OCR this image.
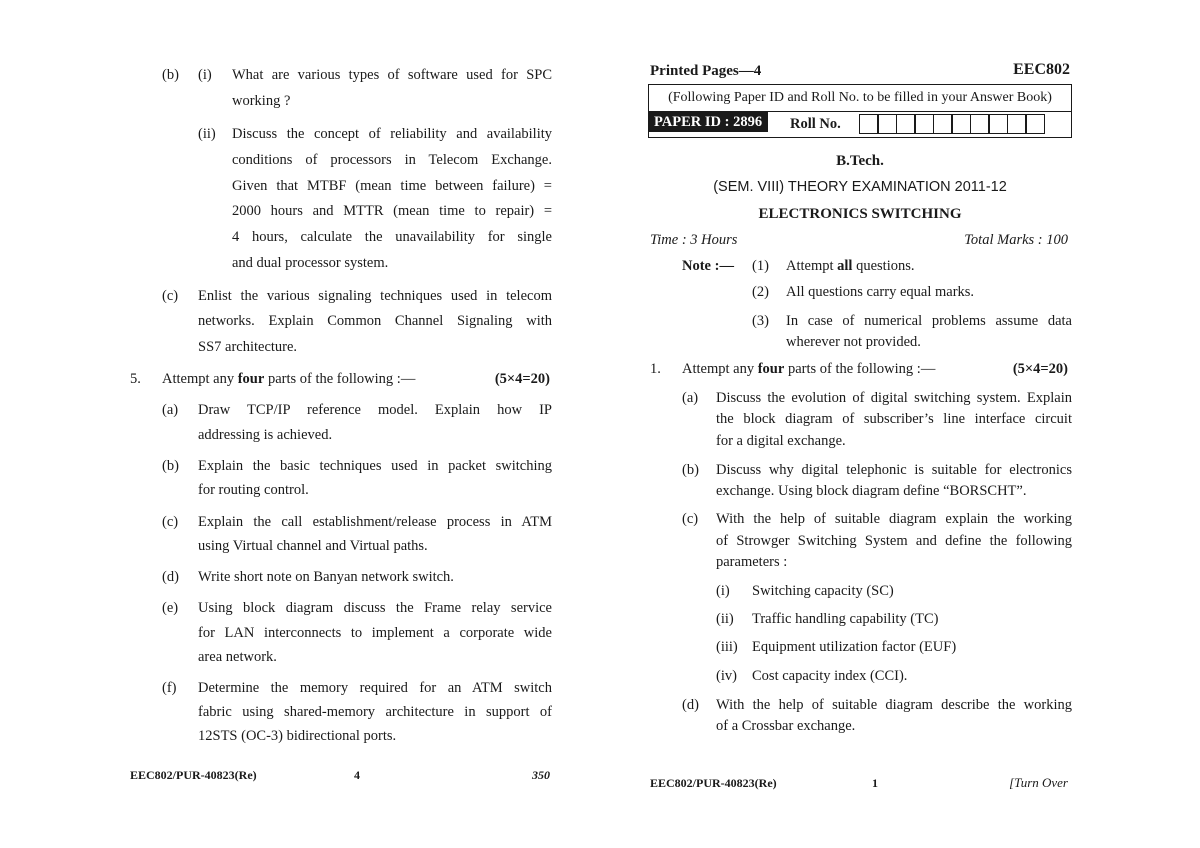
(b) (i) What are various types of software used for SPC
working ?
(ii) Discuss the concept of reliability and availability
conditions of processors in Telecom Exchange.
Given that MTBF (mean time between failure) =
2000 hours and MTTR (mean time to repair) =
4 hours, calculate the unavailability for single
and dual processor system.
(c) Enlist the various signaling techniques used in telecom
networks. Explain Common Channel Signaling with
SS7 architecture.
5. Attempt any four parts of the following :—	(5×4=20)
(a) Draw TCP/IP reference model. Explain how IP
addressing is achieved.
(b) Explain the basic techniques used in packet switching
for routing control.
(c) Explain the call establishment/release process in ATM
using Virtual channel and Virtual paths.
(d) Write short note on Banyan network switch.
(e) Using block diagram discuss the Frame relay service
for LAN interconnects to implement a corporate wide
area network.
(f) Determine the memory required for an ATM switch
fabric using shared-memory architecture in support of
12STS (OC-3) bidirectional ports.
EEC802/PUR-40823(Re)	4	350
Printed Pages—4	EEC802
(Following Paper ID and Roll No. to be filled in your Answer Book)
PAPER ID : 2896	Roll No.
B.Tech.
(SEM. VIII) THEORY EXAMINATION 2011-12
ELECTRONICS SWITCHING
Time : 3 Hours	Total Marks : 100
Note :— (1) Attempt all questions.
(2) All questions carry equal marks.
(3) In case of numerical problems assume data
wherever not provided.
1. Attempt any four parts of the following :—	(5×4=20)
(a) Discuss the evolution of digital switching system. Explain
the block diagram of subscriber’s line interface circuit
for a digital exchange.
(b) Discuss why digital telephonic is suitable for electronics
exchange. Using block diagram define “BORSCHT”.
(c) With the help of suitable diagram explain the working
of Strowger Switching System and define the following
parameters :
(i) Switching capacity (SC)
(ii) Traffic handling capability (TC)
(iii) Equipment utilization factor (EUF)
(iv) Cost capacity index (CCI).
(d) With the help of suitable diagram describe the working
of a Crossbar exchange.
EEC802/PUR-40823(Re)	1	[Turn Over
